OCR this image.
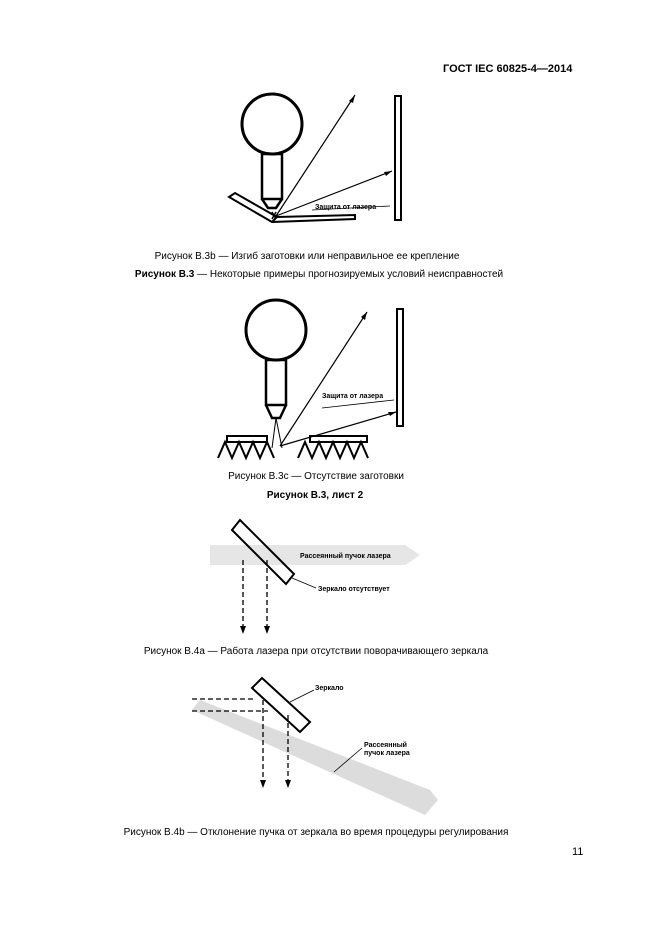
ГОСТ IEC 60825-4—2014
Защита от лазера
Рисунок В.3b — Изгиб заготовки или неправильное ее крепление
Рисунок В.3 — Некоторые примеры прогнозируемых условий неисправностей
Защита от лазера
Рисунок В.3с — Отсутствие заготовки
Рисунок В.3, лист 2
Рассеянный пучок лазера
Зеркало отсутствует
Рисунок В.4а — Работа лазера при отсутствии поворачивающего зеркала
Зеркало
Рассеянный
пучок лазера
Рисунок В.4b — Отклонение пучка от зеркала во время процедуры регулирования
11
